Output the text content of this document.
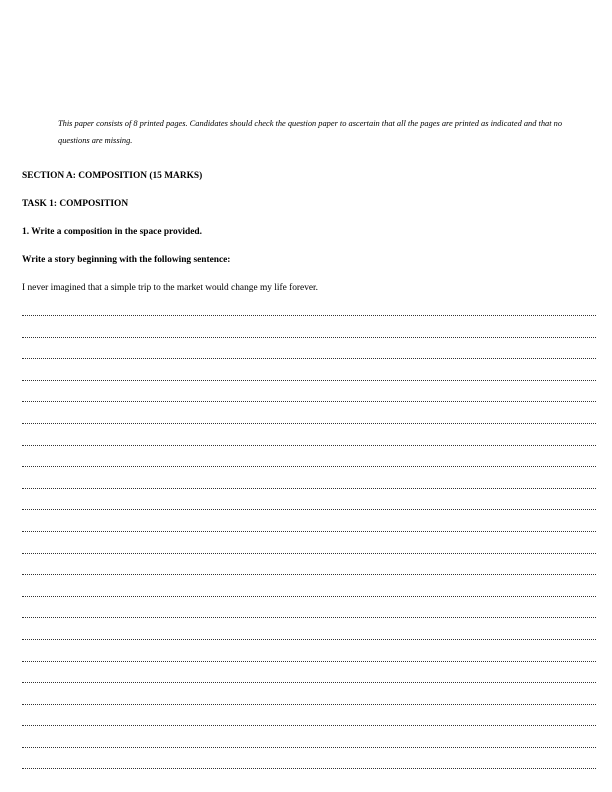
This paper consists of 8 printed pages. Candidates should check the question paper to ascertain that all the pages are printed as indicated and that no questions are missing.

SECTION A: COMPOSITION (15 MARKS)

TASK 1: COMPOSITION

1. Write a composition in the space provided.

Write a story beginning with the following sentence:

I never imagined that a simple trip to the market would change my life forever.
